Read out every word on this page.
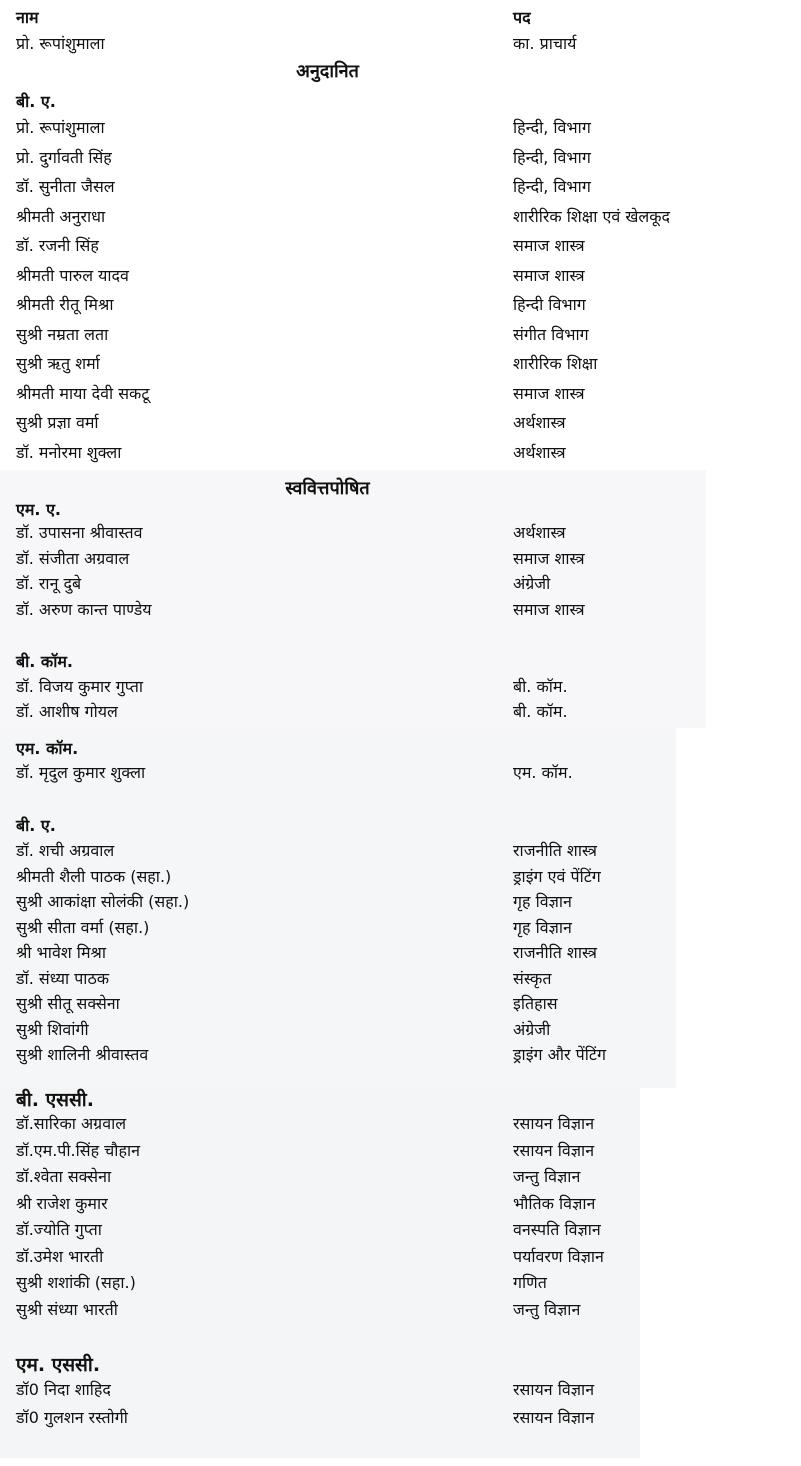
नाम	पद
प्रो. रूपांशुमाला	का. प्राचार्य
अनुदानित
बी. ए.
प्रो. रूपांशुमाला	हिन्दी, विभाग
प्रो. दुर्गावती सिंह	हिन्दी, विभाग
डॉ. सुनीता जैसल	हिन्दी, विभाग
श्रीमती अनुराधा	शारीरिक शिक्षा एवं खेलकूद
डॉ. रजनी सिंह	समाज शास्त्र
श्रीमती पारुल यादव	समाज शास्त्र
श्रीमती रीतू मिश्रा	हिन्दी विभाग
सुश्री नम्रता लता	संगीत विभाग
सुश्री ऋतु शर्मा	शारीरिक शिक्षा
श्रीमती माया देवी सकटू	समाज शास्त्र
सुश्री प्रज्ञा वर्मा	अर्थशास्त्र
डॉ. मनोरमा शुक्ला	अर्थशास्त्र
स्ववित्तपोषित
एम. ए.
डॉ. उपासना श्रीवास्तव	अर्थशास्त्र
डॉ. संजीता अग्रवाल	समाज शास्त्र
डॉ. रानू दुबे	अंग्रेजी
डॉ. अरुण कान्त पाण्डेय	समाज शास्त्र
बी. कॉम.
डॉ. विजय कुमार गुप्ता	बी. कॉम.
डॉ. आशीष गोयल	बी. कॉम.
एम. कॉम.
डॉ. मृदुल कुमार शुक्ला	एम. कॉम.
बी. ए.
डॉ. शची अग्रवाल	राजनीति शास्त्र
श्रीमती शैली पाठक (सहा.)	ड्राइंग एवं पेंटिंग
सुश्री आकांक्षा सोलंकी (सहा.)	गृह विज्ञान
सुश्री सीता वर्मा (सहा.)	गृह विज्ञान
श्री भावेश मिश्रा	राजनीति शास्त्र
डॉ. संध्या पाठक	संस्कृत
सुश्री सीतू सक्सेना	इतिहास
सुश्री शिवांगी	अंग्रेजी
सुश्री शालिनी श्रीवास्तव	ड्राइंग और पेंटिंग
बी. एससी.
डॉ.सारिका अग्रवाल	रसायन विज्ञान
डॉ.एम.पी.सिंह चौहान	रसायन विज्ञान
डॉ.श्वेता सक्सेना	जन्तु विज्ञान
श्री राजेश कुमार	भौतिक विज्ञान
डॉ.ज्योति गुप्ता	वनस्पति विज्ञान
डॉ.उमेश भारती	पर्यावरण विज्ञान
सुश्री शशांकी (सहा.)	गणित
सुश्री संध्या भारती	जन्तु विज्ञान
एम. एससी.
डॉ0 निदा शाहिद	रसायन विज्ञान
डॉ0 गुलशन रस्तोगी	रसायन विज्ञान
